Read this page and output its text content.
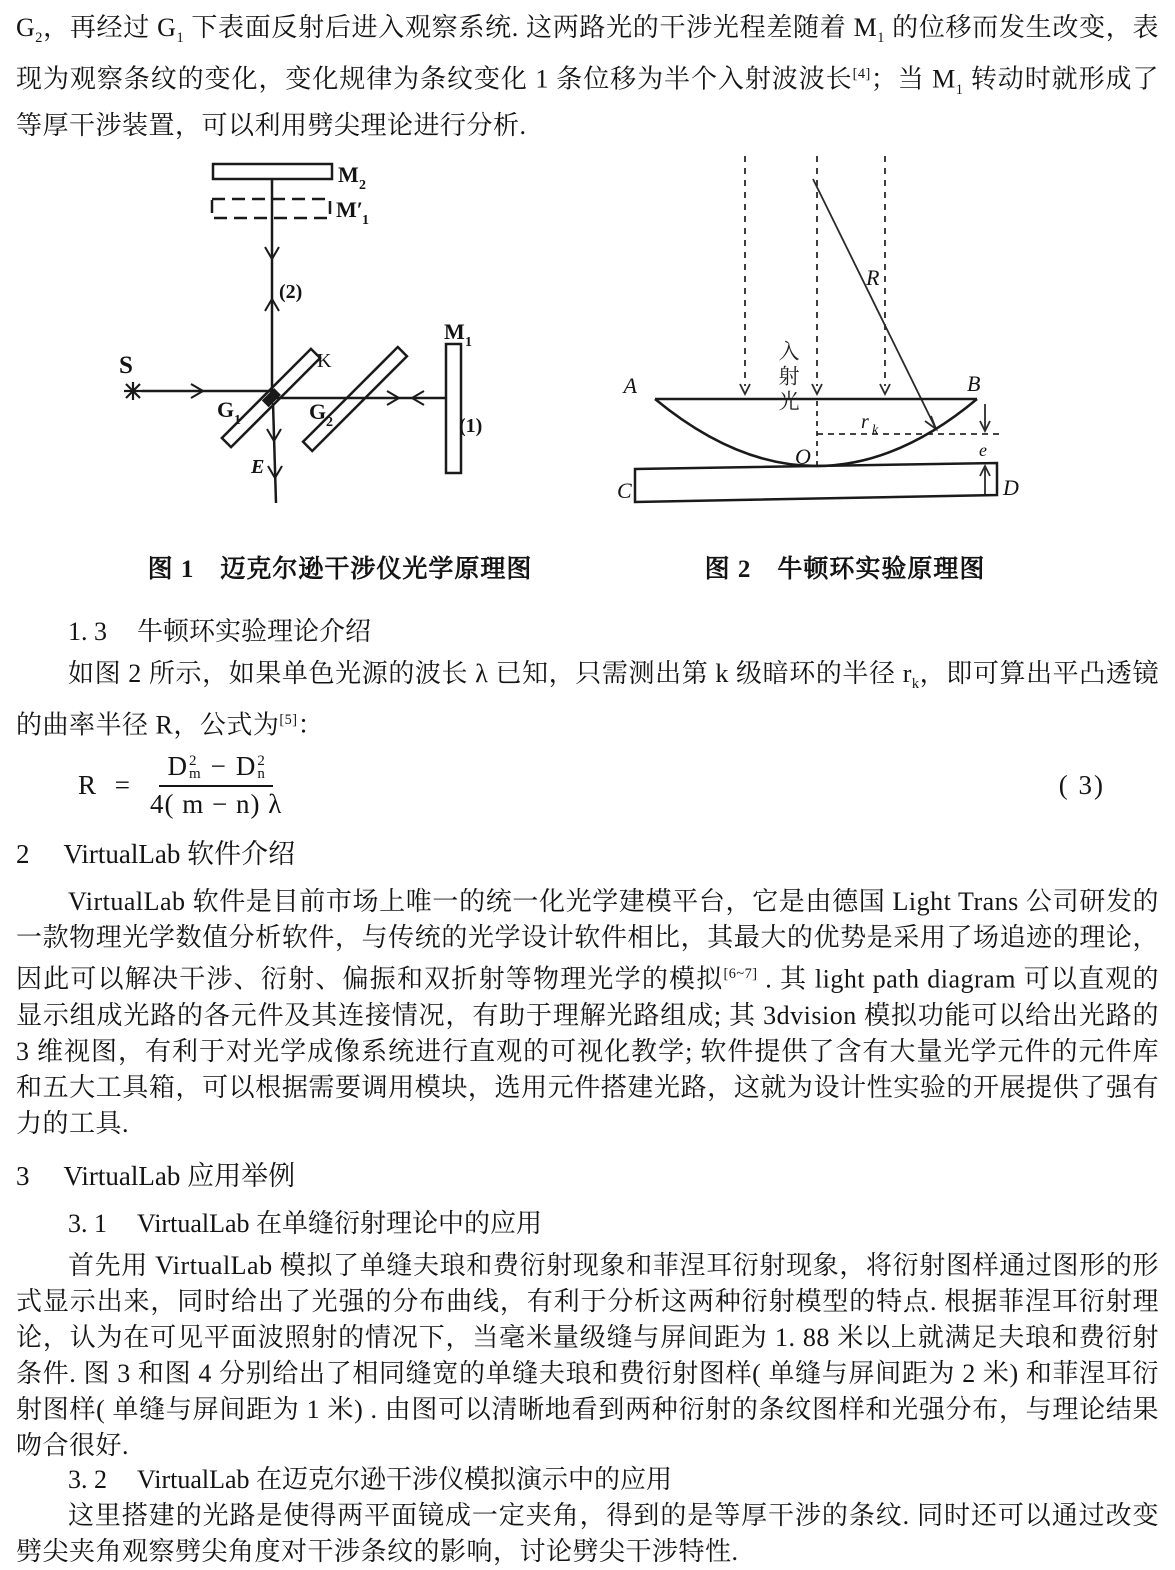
$G_2$，再经过 $G_1$ 下表面反射后进入观察系统. 这两路光的干涉光程差随着 $M_1$ 的位移而发生改变，表现为观察条纹的变化，变化规律为条纹变化 1 条位移为半个入射波波长[4]；当 $M_1$ 转动时就形成了等厚干涉装置，可以利用劈尖理论进行分析.
M 2
M′ 1
(2)
S	K
G 1	G 2
M 1
(1)
E
A	B
C	D
O
R
r k
e
入射光
图 1　迈克尔逊干涉仪光学原理图	图 2　牛顿环实验原理图
1. 3 牛顿环实验理论介绍
如图 2 所示，如果单色光源的波长 λ 已知，只需测出第 k 级暗环的半径 $r_k$，即可算出平凸透镜的曲率半径 R，公式为[5]：
R = D 2
m − D 2
n
4( m − n) λ	( 3)
2 VirtualLab 软件介绍
VirtualLab 软件是目前市场上唯一的统一化光学建模平台，它是由德国 Light Trans 公司研发的一款物理光学数值分析软件，与传统的光学设计软件相比，其最大的优势是采用了场追迹的理论，因此可以解决干涉、衍射、偏振和双折射等物理光学的模拟[6~7] . 其 light path diagram 可以直观的显示组成光路的各元件及其连接情况，有助于理解光路组成; 其 3dvision 模拟功能可以给出光路的 3 维视图，有利于对光学成像系统进行直观的可视化教学; 软件提供了含有大量光学元件的元件库和五大工具箱，可以根据需要调用模块，选用元件搭建光路，这就为设计性实验的开展提供了强有力的工具.
3 VirtualLab 应用举例
3. 1 VirtualLab 在单缝衍射理论中的应用
首先用 VirtualLab 模拟了单缝夫琅和费衍射现象和菲涅耳衍射现象，将衍射图样通过图形的形式显示出来，同时给出了光强的分布曲线，有利于分析这两种衍射模型的特点. 根据菲涅耳衍射理论，认为在可见平面波照射的情况下，当毫米量级缝与屏间距为 1. 88 米以上就满足夫琅和费衍射条件. 图 3 和图 4 分别给出了相同缝宽的单缝夫琅和费衍射图样( 单缝与屏间距为 2 米) 和菲涅耳衍射图样( 单缝与屏间距为 1 米) . 由图可以清晰地看到两种衍射的条纹图样和光强分布，与理论结果吻合很好.
3. 2 VirtualLab 在迈克尔逊干涉仪模拟演示中的应用
这里搭建的光路是使得两平面镜成一定夹角，得到的是等厚干涉的条纹. 同时还可以通过改变劈尖夹角观察劈尖角度对干涉条纹的影响，讨论劈尖干涉特性.
